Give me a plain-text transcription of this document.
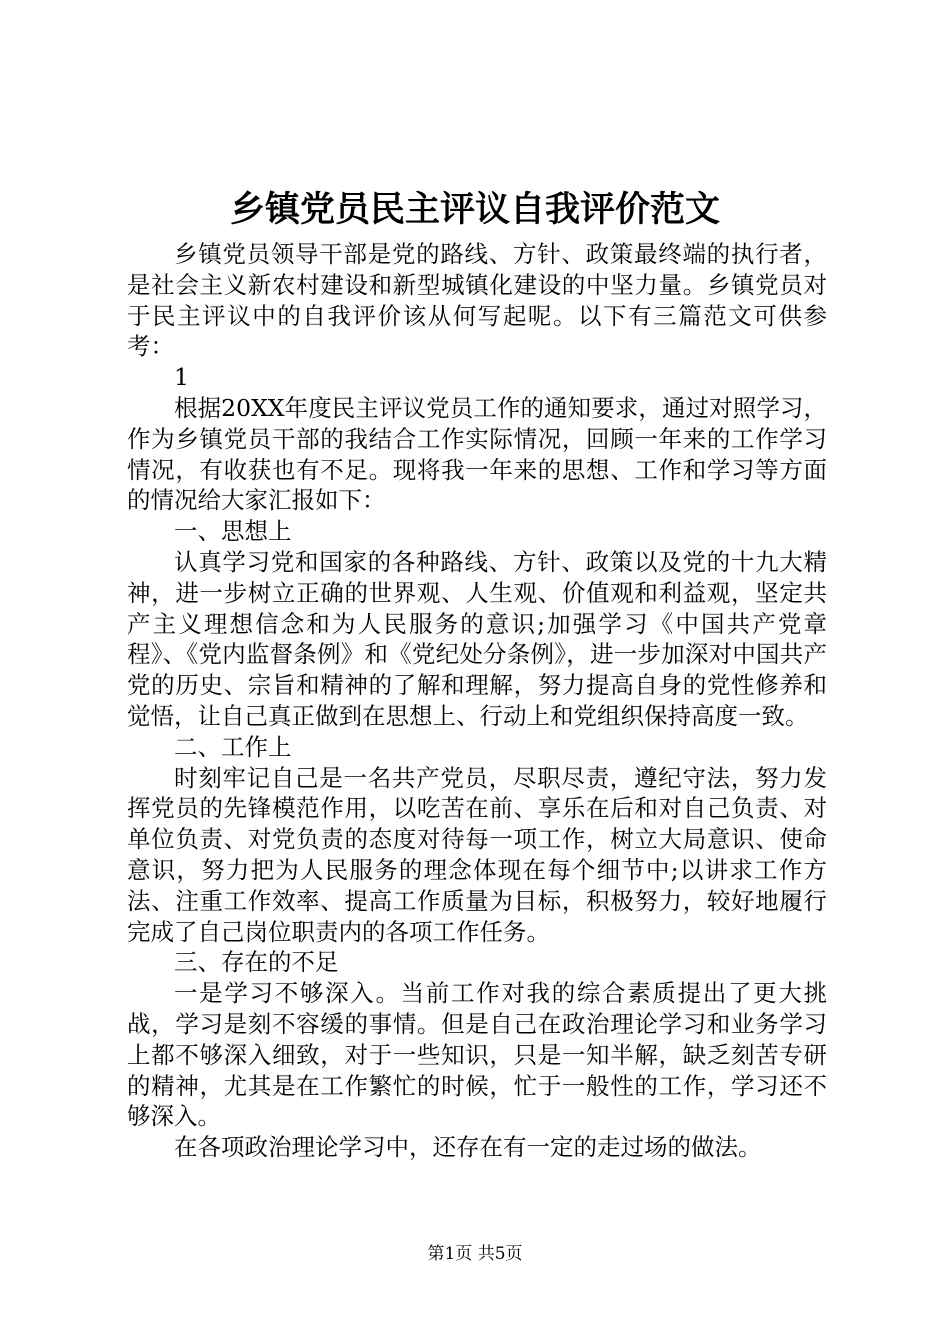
乡镇党员民主评议自我评价范文

乡镇党员领导干部是党的路线、方针、政策最终端的执行者，是社会主义新农村建设和新型城镇化建设的中坚力量。乡镇党员对于民主评议中的自我评价该从何写起呢。以下有三篇范文可供参考：

1

根据20XX年度民主评议党员工作的通知要求，通过对照学习，作为乡镇党员干部的我结合工作实际情况，回顾一年来的工作学习情况，有收获也有不足。现将我一年来的思想、工作和学习等方面的情况给大家汇报如下：

一、思想上

认真学习党和国家的各种路线、方针、政策以及党的十九大精神，进一步树立正确的世界观、人生观、价值观和利益观，坚定共产主义理想信念和为人民服务的意识;加强学习《中国共产党章程》、《党内监督条例》和《党纪处分条例》，进一步加深对中国共产党的历史、宗旨和精神的了解和理解，努力提高自身的党性修养和觉悟，让自己真正做到在思想上、行动上和党组织保持高度一致。

二、工作上

时刻牢记自己是一名共产党员，尽职尽责，遵纪守法，努力发挥党员的先锋模范作用，以吃苦在前、享乐在后和对自己负责、对单位负责、对党负责的态度对待每一项工作，树立大局意识、使命意识，努力把为人民服务的理念体现在每个细节中;以讲求工作方法、注重工作效率、提高工作质量为目标，积极努力，较好地履行完成了自己岗位职责内的各项工作任务。

三、存在的不足

一是学习不够深入。当前工作对我的综合素质提出了更大挑战，学习是刻不容缓的事情。但是自己在政治理论学习和业务学习上都不够深入细致，对于一些知识，只是一知半解，缺乏刻苦专研的精神，尤其是在工作繁忙的时候，忙于一般性的工作，学习还不够深入。

在各项政治理论学习中，还存在有一定的走过场的做法。

第1页 共5页
